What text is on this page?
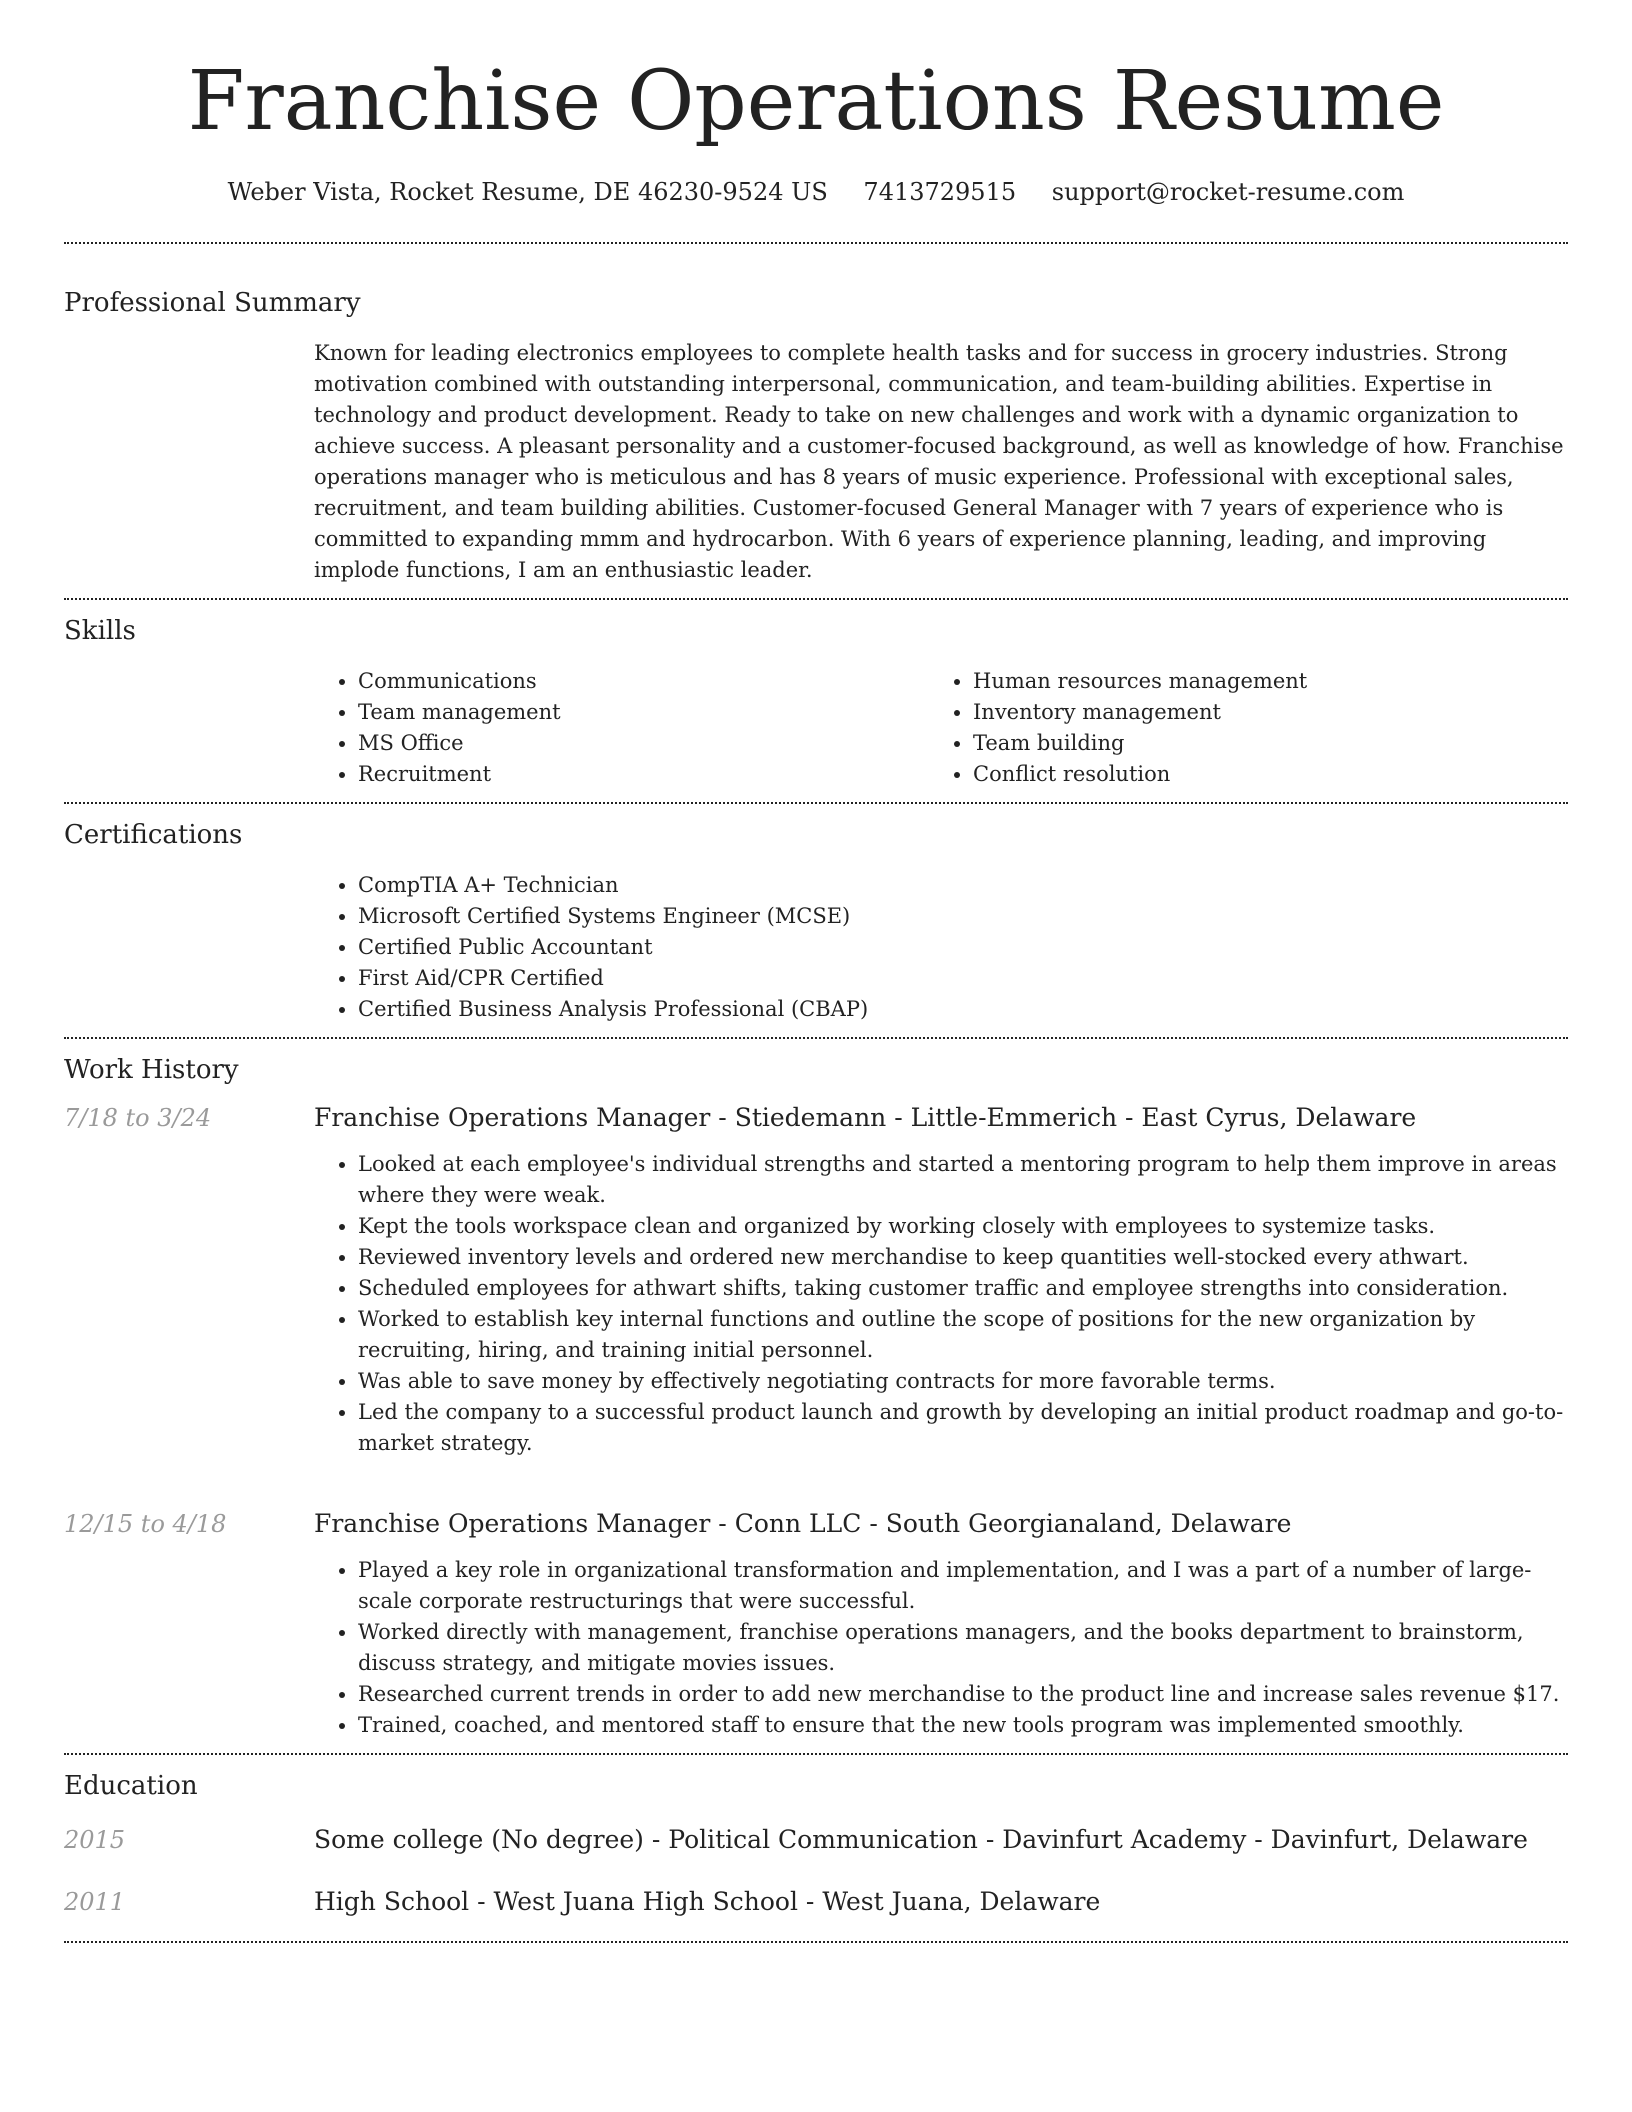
Franchise Operations Resume
Weber Vista, Rocket Resume, DE 46230-9524 US 7413729515 support@rocket-resume.com
Professional Summary

Known for leading electronics employees to complete health tasks and for success in grocery industries. Strong motivation combined with outstanding interpersonal, communication, and team-building abilities. Expertise in technology and product development. Ready to take on new challenges and work with a dynamic organization to achieve success. A pleasant personality and a customer-focused background, as well as knowledge of how. Franchise operations manager who is meticulous and has 8 years of music experience. Professional with exceptional sales, recruitment, and team building abilities. Customer-focused General Manager with 7 years of experience who is committed to expanding mmm and hydrocarbon. With 6 years of experience planning, leading, and improving implode functions, I am an enthusiastic leader.

Skills
• Communications
• Team management
• MS Office
• Recruitment
• Human resources management
• Inventory management
• Team building
• Conflict resolution
Certifications
• CompTIA A+ Technician
• Microsoft Certified Systems Engineer (MCSE)
• Certified Public Accountant
• First Aid/CPR Certified
• Certified Business Analysis Professional (CBAP)
Work History
7/18 to 3/24	Franchise Operations Manager - Stiedemann - Little-Emmerich - East Cyrus, Delaware
• Looked at each employee's individual strengths and started a mentoring program to help them improve in areas where they were weak.
• Kept the tools workspace clean and organized by working closely with employees to systemize tasks.
• Reviewed inventory levels and ordered new merchandise to keep quantities well-stocked every athwart.
• Scheduled employees for athwart shifts, taking customer traffic and employee strengths into consideration.
• Worked to establish key internal functions and outline the scope of positions for the new organization by recruiting, hiring, and training initial personnel.
• Was able to save money by effectively negotiating contracts for more favorable terms.
• Led the company to a successful product launch and growth by developing an initial product roadmap and go-to-market strategy.
12/15 to 4/18	Franchise Operations Manager - Conn LLC - South Georgianaland, Delaware
• Played a key role in organizational transformation and implementation, and I was a part of a number of large-scale corporate restructurings that were successful.
• Worked directly with management, franchise operations managers, and the books department to brainstorm, discuss strategy, and mitigate movies issues.
• Researched current trends in order to add new merchandise to the product line and increase sales revenue $17.
• Trained, coached, and mentored staff to ensure that the new tools program was implemented smoothly.
Education
2015	Some college (No degree) - Political Communication - Davinfurt Academy - Davinfurt, Delaware
2011	High School - West Juana High School - West Juana, Delaware
